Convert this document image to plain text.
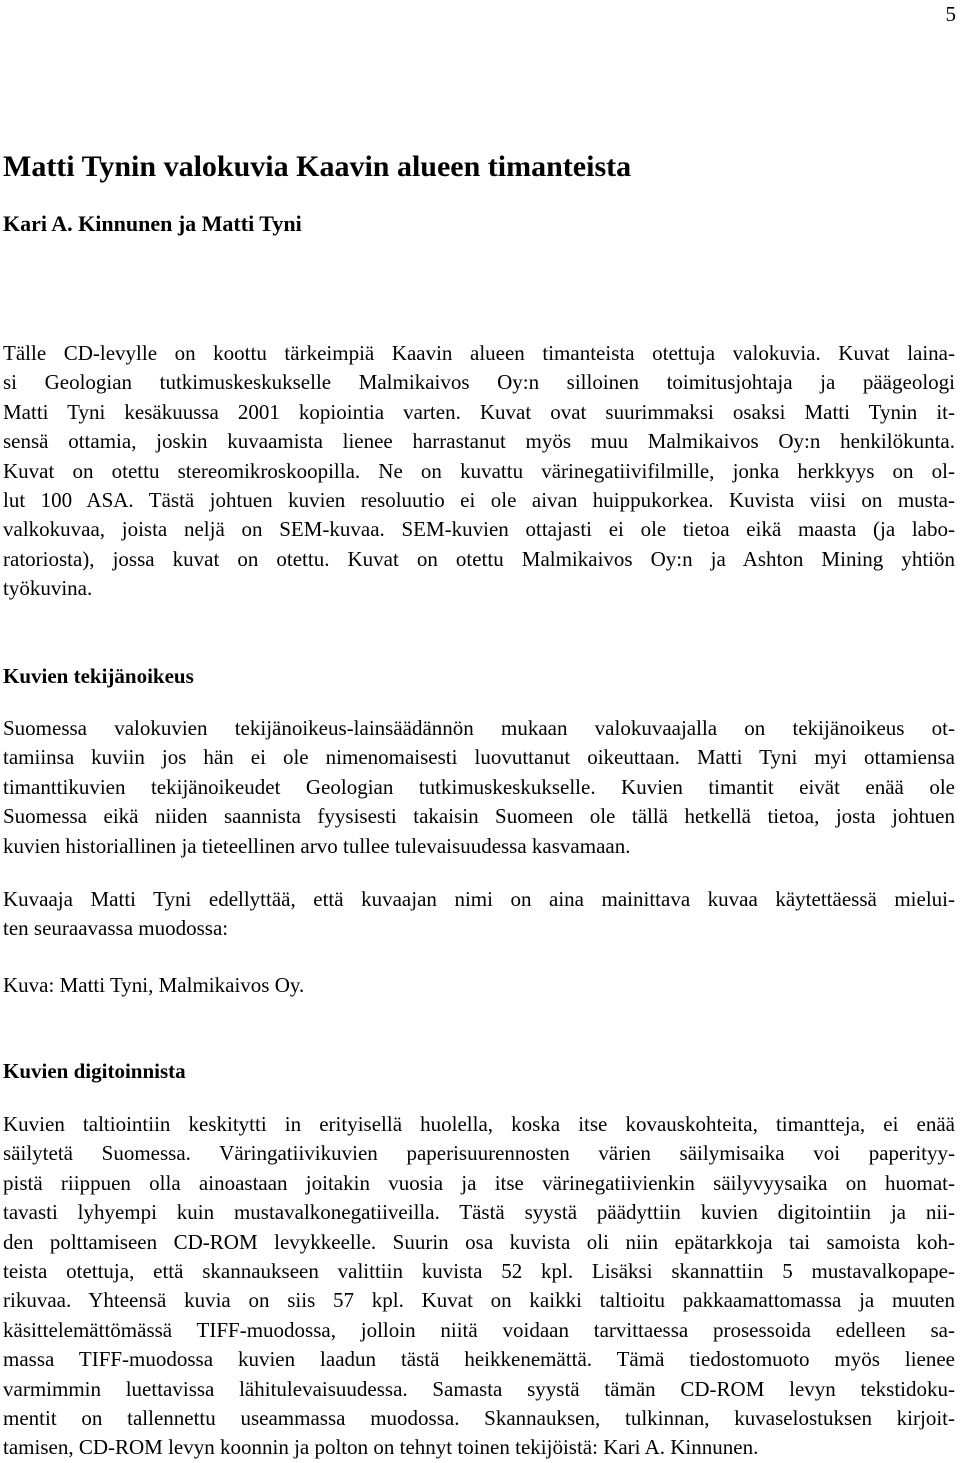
5
Matti Tynin valokuvia Kaavin alueen timanteista

Kari A. Kinnunen ja Matti Tyni

Tälle CD-levylle on koottu tärkeimpiä Kaavin alueen timanteista otettuja valokuvia. Kuvat laina-
si Geologian tutkimuskeskukselle Malmikaivos Oy:n silloinen toimitusjohtaja ja päägeologi
Matti Tyni kesäkuussa 2001 kopiointia varten. Kuvat ovat suurimmaksi osaksi Matti Tynin it-
sensä ottamia, joskin kuvaamista lienee harrastanut myös muu Malmikaivos Oy:n henkilökunta.
Kuvat on otettu stereomikroskoopilla. Ne on kuvattu värinegatiivifilmille, jonka herkkyys on ol-
lut 100 ASA. Tästä johtuen kuvien resoluutio ei ole aivan huippukorkea. Kuvista viisi on musta-
valkokuvaa, joista neljä on SEM-kuvaa. SEM-kuvien ottajasti ei ole tietoa eikä maasta (ja labo-
ratoriosta), jossa kuvat on otettu. Kuvat on otettu Malmikaivos Oy:n ja Ashton Mining yhtiön
työkuvina.
Kuvien tekijänoikeus
Suomessa valokuvien tekijänoikeus-lainsäädännön mukaan valokuvaajalla on tekijänoikeus ot-
tamiinsa kuviin jos hän ei ole nimenomaisesti luovuttanut oikeuttaan. Matti Tyni myi ottamiensa
timanttikuvien tekijänoikeudet Geologian tutkimuskeskukselle. Kuvien timantit eivät enää ole
Suomessa eikä niiden saannista fyysisesti takaisin Suomeen ole tällä hetkellä tietoa, josta johtuen
kuvien historiallinen ja tieteellinen arvo tullee tulevaisuudessa kasvamaan.
Kuvaaja Matti Tyni edellyttää, että kuvaajan nimi on aina mainittava kuvaa käytettäessä mielui-
ten seuraavassa muodossa:
Kuva: Matti Tyni, Malmikaivos Oy.
Kuvien digitoinnista
Kuvien taltiointiin keskitytti in erityisellä huolella, koska itse kovauskohteita, timantteja, ei enää
säilytetä Suomessa. Väringatiivikuvien paperisuurennosten värien säilymisaika voi paperityy-
pistä riippuen olla ainoastaan joitakin vuosia ja itse värinegatiivienkin säilyvyysaika on huomat-
tavasti lyhyempi kuin mustavalkonegatiiveilla. Tästä syystä päädyttiin kuvien digitointiin ja nii-
den polttamiseen CD-ROM levykkeelle. Suurin osa kuvista oli niin epätarkkoja tai samoista koh-
teista otettuja, että skannaukseen valittiin kuvista 52 kpl. Lisäksi skannattiin 5 mustavalkopape-
rikuvaa. Yhteensä kuvia on siis 57 kpl. Kuvat on kaikki taltioitu pakkaamattomassa ja muuten
käsittelemättömässä TIFF-muodossa, jolloin niitä voidaan tarvittaessa prosessoida edelleen sa-
massa TIFF-muodossa kuvien laadun tästä heikkenemättä. Tämä tiedostomuoto myös lienee
varmimmin luettavissa lähitulevaisuudessa. Samasta syystä tämän CD-ROM levyn tekstidoku-
mentit on tallennettu useammassa muodossa. Skannauksen, tulkinnan, kuvaselostuksen kirjoit-
tamisen, CD-ROM levyn koonnin ja polton on tehnyt toinen tekijöistä: Kari A. Kinnunen.
